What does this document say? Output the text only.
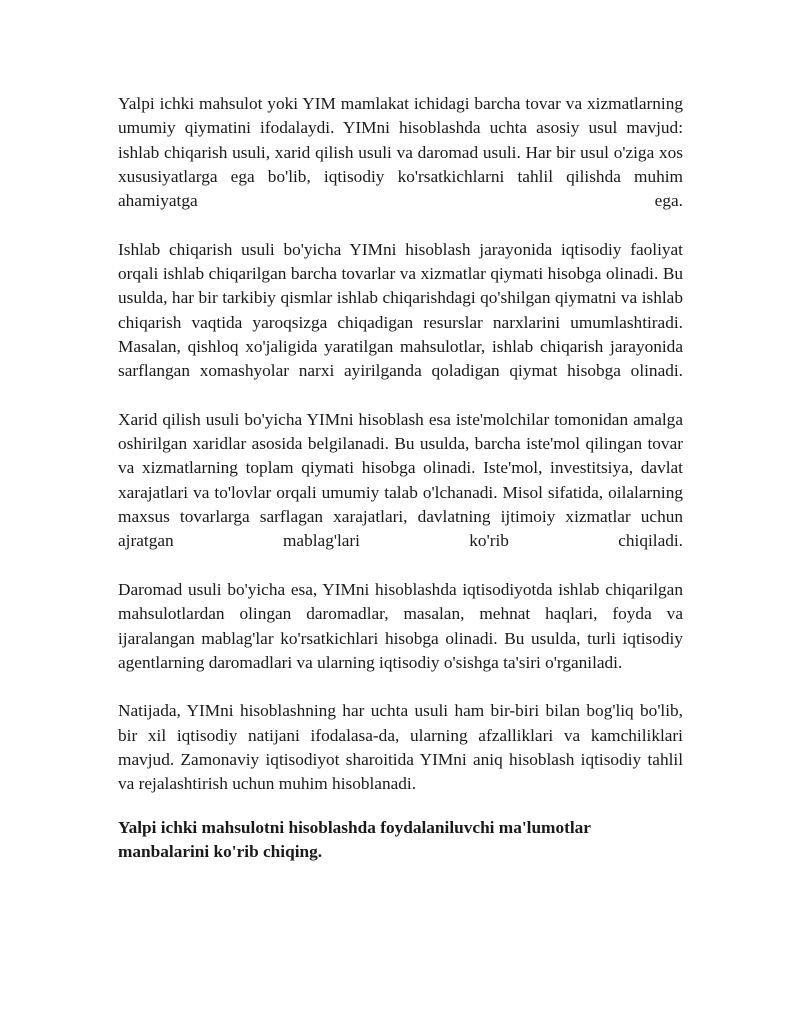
Yalpi ichki mahsulot yoki YIM mamlakat ichidagi barcha tovar va xizmatlarning umumiy qiymatini ifodalaydi. YIMni hisoblashda uchta asosiy usul mavjud: ishlab chiqarish usuli, xarid qilish usuli va daromad usuli. Har bir usul o'ziga xos xususiyatlarga ega bo'lib, iqtisodiy ko'rsatkichlarni tahlil qilishda muhim ahamiyatga ega.

Ishlab chiqarish usuli bo'yicha YIMni hisoblash jarayonida iqtisodiy faoliyat orqali ishlab chiqarilgan barcha tovarlar va xizmatlar qiymati hisobga olinadi. Bu usulda, har bir tarkibiy qismlar ishlab chiqarishdagi qo'shilgan qiymatni va ishlab chiqarish vaqtida yaroqsizga chiqadigan resurslar narxlarini umumlashtiradi. Masalan, qishloq xo'jaligida yaratilgan mahsulotlar, ishlab chiqarish jarayonida sarflangan xomashyolar narxi ayirilganda qoladigan qiymat hisobga olinadi.

Xarid qilish usuli bo'yicha YIMni hisoblash esa iste'molchilar tomonidan amalga oshirilgan xaridlar asosida belgilanadi. Bu usulda, barcha iste'mol qilingan tovar va xizmatlarning toplam qiymati hisobga olinadi. Iste'mol, investitsiya, davlat xarajatlari va to'lovlar orqali umumiy talab o'lchanadi. Misol sifatida, oilalarning maxsus tovarlarga sarflagan xarajatlari, davlatning ijtimoiy xizmatlar uchun ajratgan mablag'lari ko'rib chiqiladi.

Daromad usuli bo'yicha esa, YIMni hisoblashda iqtisodiyotda ishlab chiqarilgan mahsulotlardan olingan daromadlar, masalan, mehnat haqlari, foyda va ijaralangan mablag'lar ko'rsatkichlari hisobga olinadi. Bu usulda, turli iqtisodiy agentlarning daromadlari va ularning iqtisodiy o'sishga ta'siri o'rganiladi.

Natijada, YIMni hisoblashning har uchta usuli ham bir-biri bilan bog'liq bo'lib, bir xil iqtisodiy natijani ifodalasa-da, ularning afzalliklari va kamchiliklari mavjud. Zamonaviy iqtisodiyot sharoitida YIMni aniq hisoblash iqtisodiy tahlil va rejalashtirish uchun muhim hisoblanadi.

Yalpi ichki mahsulotni hisoblashda foydalaniluvchi ma'lumotlar manbalarini ko'rib chiqing.
